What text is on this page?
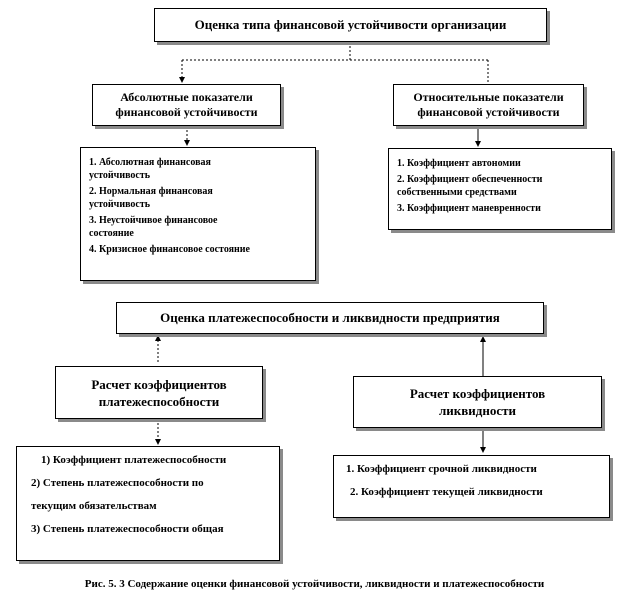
Оценка типа финансовой устойчивости организации
Абсолютные показатели
финансовой устойчивости
Относительные показатели
финансовой устойчивости
1. Абсолютная финансовая
устойчивость
2. Нормальная финансовая
устойчивость
3. Неустойчивое финансовое
состояние
4. Кризисное финансовое состояние
1. Коэффициент автономии
2. Коэффициент обеспеченности
собственными средствами
3. Коэффициент маневренности
Оценка платежеспособности и ликвидности предприятия
Расчет коэффициентов
платежеспособности	Расчет коэффициентов
ликвидности
1) Коэффициент платежеспособности
2) Степень платежеспособности по
текущим обязательствам
3) Степень платежеспособности общая
1. Коэффициент срочной ликвидности
2. Коэффициент текущей ликвидности
Рис. 5. 3 Содержание оценки финансовой устойчивости, ликвидности и платежеспособности
